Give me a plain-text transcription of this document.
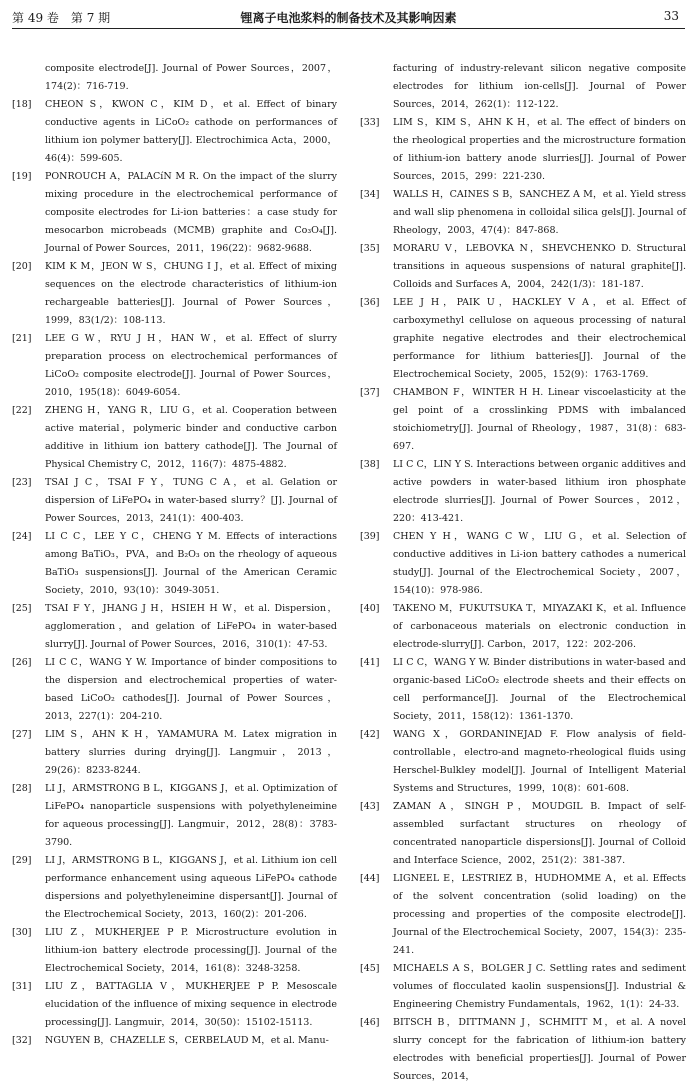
第 49 卷　第 7 期	锂离子电池浆料的制备技术及其影响因素	33
composite electrode[J]. Journal of Power Sources，2007，174(2)：716-719.
[18] CHEON S，KWON C，KIM D，et al. Effect of binary conductive agents in LiCoO₂ cathode on performances of lithium ion polymer battery[J]. Electrochimica Acta，2000，46(4)：599-605.
[19] PONROUCH A，PALACíN M R. On the impact of the slurry mixing procedure in the electrochemical performance of composite electrodes for Li-ion batteries：a case study for mesocarbon microbeads (MCMB) graphite and Co₃O₄[J]. Journal of Power Sources，2011，196(22)：9682-9688.
[20] KIM K M，JEON W S，CHUNG I J，et al. Effect of mixing sequences on the electrode characteristics of lithium-ion rechargeable batteries[J]. Journal of Power Sources，1999，83(1/2)：108-113.
[21] LEE G W，RYU J H，HAN W，et al. Effect of slurry preparation process on electrochemical performances of LiCoO₂ composite electrode[J]. Journal of Power Sources，2010，195(18)：6049-6054.
[22] ZHENG H，YANG R，LIU G，et al. Cooperation between active material，polymeric binder and conductive carbon additive in lithium ion battery cathode[J]. The Journal of Physical Chemistry C，2012，116(7)：4875-4882.
[23] TSAI J C，TSAI F Y，TUNG C A，et al. Gelation or dispersion of LiFePO₄ in water-based slurry？[J]. Journal of Power Sources，2013，241(1)：400-403.
[24] LI C C，LEE Y C，CHENG Y M. Effects of interactions among BaTiO₃，PVA，and B₂O₃ on the rheology of aqueous BaTiO₃ suspensions[J]. Journal of the American Ceramic Society，2010，93(10)：3049-3051.
[25] TSAI F Y，JHANG J H，HSIEH H W，et al. Dispersion，agglomeration，and gelation of LiFePO₄ in water-based slurry[J]. Journal of Power Sources，2016，310(1)：47-53.
[26] LI C C，WANG Y W. Importance of binder compositions to the dispersion and electrochemical properties of water-based LiCoO₂ cathodes[J]. Journal of Power Sources，2013，227(1)：204-210.
[27] LIM S，AHN K H，YAMAMURA M. Latex migration in battery slurries during drying[J]. Langmuir，2013，29(26)：8233-8244.
[28] LI J，ARMSTRONG B L，KIGGANS J，et al. Optimization of LiFePO₄ nanoparticle suspensions with polyethyleneimine for aqueous processing[J]. Langmuir，2012，28(8)：3783-3790.
[29] LI J，ARMSTRONG B L，KIGGANS J，et al. Lithium ion cell performance enhancement using aqueous LiFePO₄ cathode dispersions and polyethyleneimine dispersant[J]. Journal of the Electrochemical Society，2013，160(2)：201-206.
[30] LIU Z，MUKHERJEE P P. Microstructure evolution in lithium-ion battery electrode processing[J]. Journal of the Electrochemical Society，2014，161(8)：3248-3258.
[31] LIU Z，BATTAGLIA V，MUKHERJEE P P. Mesoscale elucidation of the influence of mixing sequence in electrode processing[J]. Langmuir，2014，30(50)：15102-15113.
[32] NGUYEN B，CHAZELLE S，CERBELAUD M，et al. Manu-
facturing of industry-relevant silicon negative composite electrodes for lithium ion-cells[J]. Journal of Power Sources，2014，262(1)：112-122.
[33] LIM S，KIM S，AHN K H，et al. The effect of binders on the rheological properties and the microstructure formation of lithium-ion battery anode slurries[J]. Journal of Power Sources，2015，299：221-230.
[34] WALLS H，CAINES S B，SANCHEZ A M，et al. Yield stress and wall slip phenomena in colloidal silica gels[J]. Journal of Rheology，2003，47(4)：847-868.
[35] MORARU V，LEBOVKA N，SHEVCHENKO D. Structural transitions in aqueous suspensions of natural graphite[J]. Colloids and Surfaces A，2004，242(1/3)：181-187.
[36] LEE J H，PAIK U，HACKLEY V A，et al. Effect of carboxymethyl cellulose on aqueous processing of natural graphite negative electrodes and their electrochemical performance for lithium batteries[J]. Journal of the Electrochemical Society，2005，152(9)：1763-1769.
[37] CHAMBON F，WINTER H H. Linear viscoelasticity at the gel point of a crosslinking PDMS with imbalanced stoichiometry[J]. Journal of Rheology，1987，31(8)：683-697.
[38] LI C C，LIN Y S. Interactions between organic additives and active powders in water-based lithium iron phosphate electrode slurries[J]. Journal of Power Sources，2012，220：413-421.
[39] CHEN Y H，WANG C W，LIU G，et al. Selection of conductive additives in Li-ion battery cathodes a numerical study[J]. Journal of the Electrochemical Society，2007，154(10)：978-986.
[40] TAKENO M，FUKUTSUKA T，MIYAZAKI K，et al. Influence of carbonaceous materials on electronic conduction in electrode-slurry[J]. Carbon，2017，122：202-206.
[41] LI C C，WANG Y W. Binder distributions in water-based and organic-based LiCoO₂ electrode sheets and their effects on cell performance[J]. Journal of the Electrochemical Society，2011，158(12)：1361-1370.
[42] WANG X，GORDANINEJAD F. Flow analysis of field-controllable，electro-and magneto-rheological fluids using Herschel-Bulkley model[J]. Journal of Intelligent Material Systems and Structures，1999，10(8)：601-608.
[43] ZAMAN A，SINGH P，MOUDGIL B. Impact of self-assembled surfactant structures on rheology of concentrated nanoparticle dispersions[J]. Journal of Colloid and Interface Science，2002，251(2)：381-387.
[44] LIGNEEL E，LESTRIEZ B，HUDHOMME A，et al. Effects of the solvent concentration (solid loading) on the processing and properties of the composite electrode[J]. Journal of the Electrochemical Society，2007，154(3)：235-241.
[45] MICHAELS A S，BOLGER J C. Settling rates and sediment volumes of flocculated kaolin suspensions[J]. Industrial & Engineering Chemistry Fundamentals，1962，1(1)：24-33.
[46] BITSCH B，DITTMANN J，SCHMITT M，et al. A novel slurry concept for the fabrication of lithium-ion battery electrodes with beneficial properties[J]. Journal of Power Sources，2014，
